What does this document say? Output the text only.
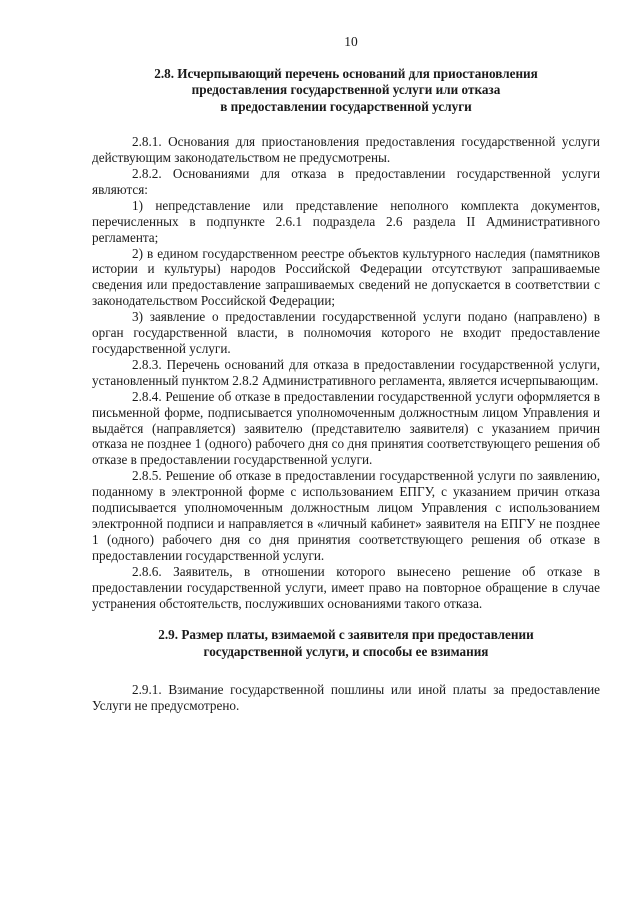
10
2.8. Исчерпывающий перечень оснований для приостановления
предоставления государственной услуги или отказа
в предоставлении государственной услуги

2.8.1. Основания для приостановления предоставления государственной услуги действующим законодательством не предусмотрены.

2.8.2. Основаниями для отказа в предоставлении государственной услуги являются:

1) непредставление или представление неполного комплекта документов, перечисленных в подпункте 2.6.1 подраздела 2.6 раздела II Административного регламента;

2) в едином государственном реестре объектов культурного наследия (памятников истории и культуры) народов Российской Федерации отсутствуют запрашиваемые сведения или предоставление запрашиваемых сведений не допускается в соответствии с законодательством Российской Федерации;

3) заявление о предоставлении государственной услуги подано (направлено) в орган государственной власти, в полномочия которого не входит предоставление государственной услуги.

2.8.3. Перечень оснований для отказа в предоставлении государственной услуги, установленный пунктом 2.8.2 Административного регламента, является исчерпывающим.

2.8.4. Решение об отказе в предоставлении государственной услуги оформляется в письменной форме, подписывается уполномоченным должностным лицом Управления и выдаётся (направляется) заявителю (представителю заявителя) с указанием причин отказа не позднее 1 (одного) рабочего дня со дня принятия соответствующего решения об отказе в предоставлении государственной услуги.

2.8.5. Решение об отказе в предоставлении государственной услуги по заявлению, поданному в электронной форме с использованием ЕПГУ, с указанием причин отказа подписывается уполномоченным должностным лицом Управления с использованием электронной подписи и направляется в «личный кабинет» заявителя на ЕПГУ не позднее 1 (одного) рабочего дня со дня принятия соответствующего решения об отказе в предоставлении государственной услуги.

2.8.6. Заявитель, в отношении которого вынесено решение об отказе в предоставлении государственной услуги, имеет право на повторное обращение в случае устранения обстоятельств, послуживших основаниями такого отказа.

2.9. Размер платы, взимаемой с заявителя при предоставлении
государственной услуги, и способы ее взимания

2.9.1. Взимание государственной пошлины или иной платы за предоставление Услуги не предусмотрено.
